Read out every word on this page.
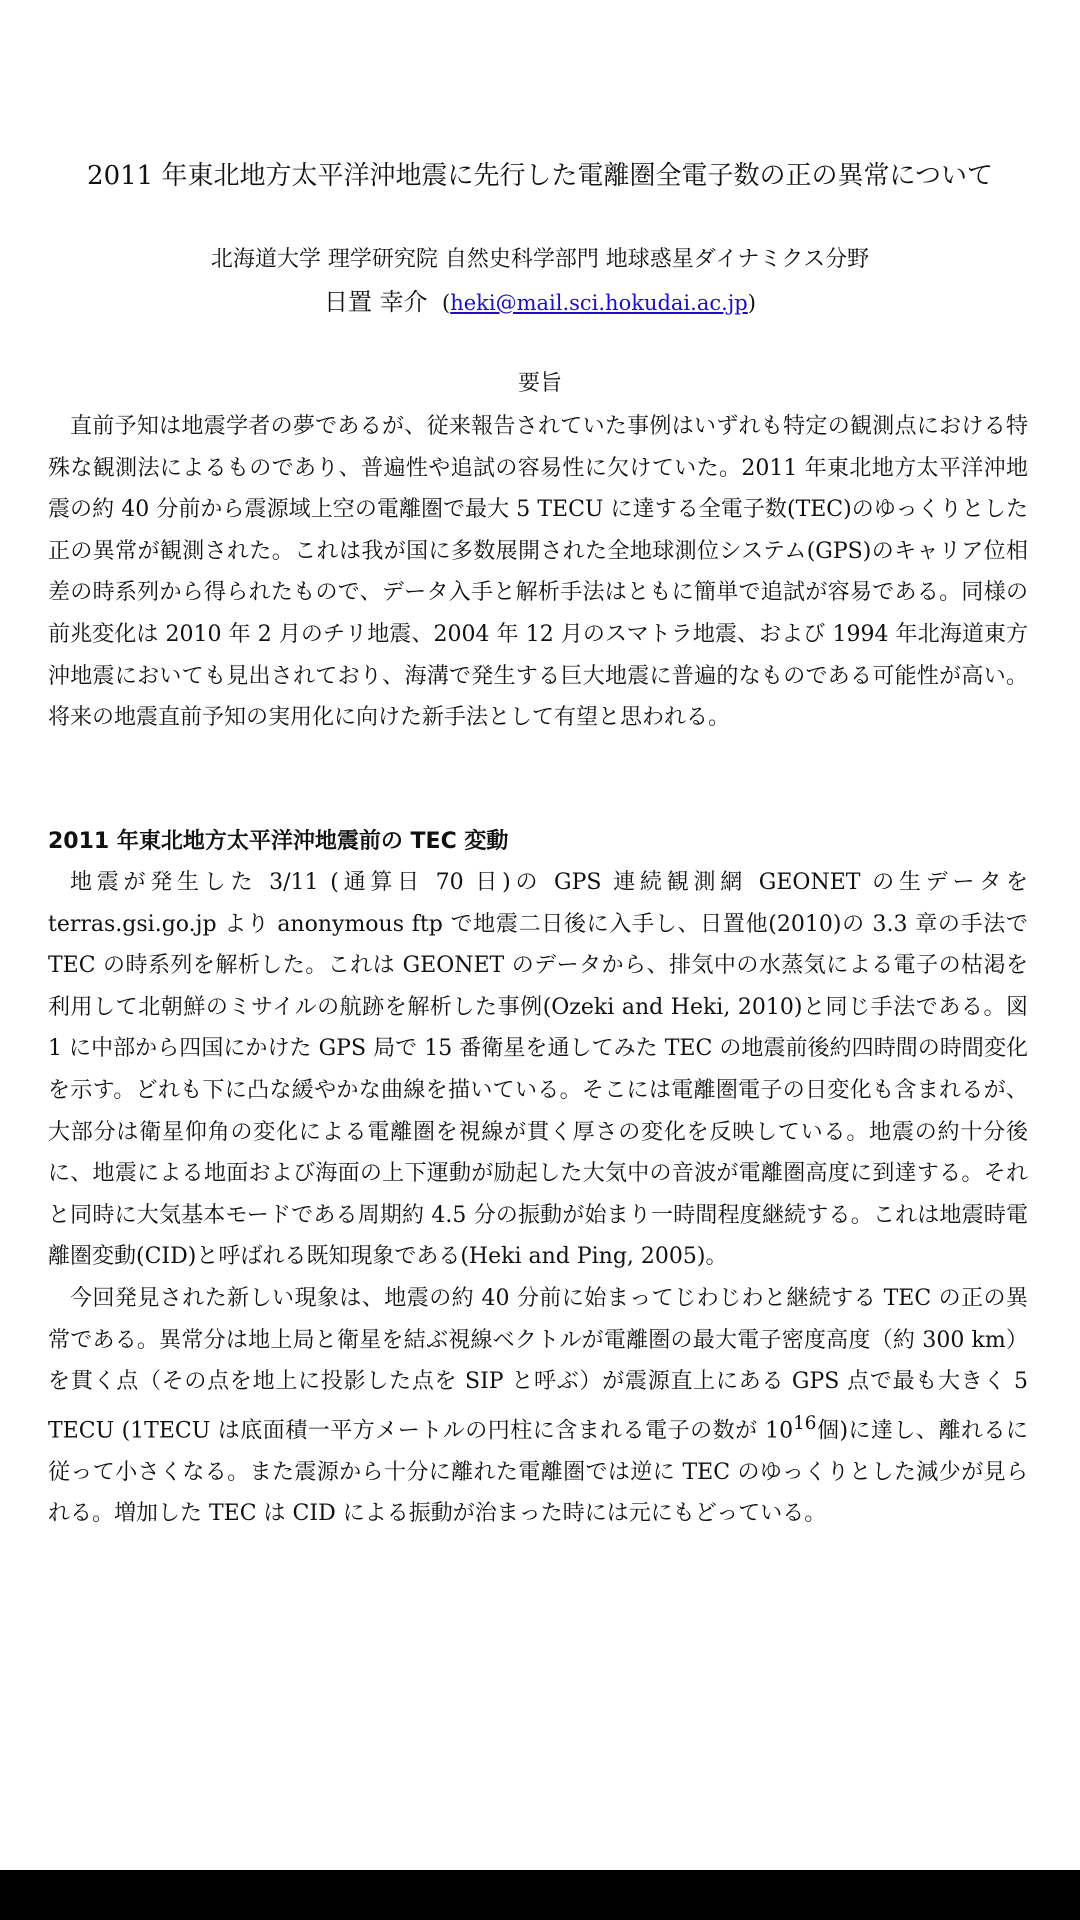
2011 年東北地方太平洋沖地震に先行した電離圏全電子数の正の異常について
北海道大学 理学研究院 自然史科学部門 地球惑星ダイナミクス分野
日置 幸介  (heki@mail.sci.hokudai.ac.jp)
要旨

直前予知は地震学者の夢であるが、従来報告されていた事例はいずれも特定の観測点における特殊な観測法によるものであり、普遍性や追試の容易性に欠けていた。2011 年東北地方太平洋沖地震の約 40 分前から震源域上空の電離圏で最大 5 TECU に達する全電子数(TEC)のゆっくりとした正の異常が観測された。これは我が国に多数展開された全地球測位システム(GPS)のキャリア位相差の時系列から得られたもので、データ入手と解析手法はともに簡単で追試が容易である。同様の前兆変化は 2010 年 2 月のチリ地震、2004 年 12 月のスマトラ地震、および 1994 年北海道東方沖地震においても見出されており、海溝で発生する巨大地震に普遍的なものである可能性が高い。将来の地震直前予知の実用化に向けた新手法として有望と思われる。

2011 年東北地方太平洋沖地震前の TEC 変動

地震が発生した 3/11 (通算日 70 日)の GPS 連続観測網 GEONET の生データを terras.gsi.go.jp より anonymous ftp で地震二日後に入手し、日置他(2010)の 3.3 章の手法で TEC の時系列を解析した。これは GEONET のデータから、排気中の水蒸気による電子の枯渇を利用して北朝鮮のミサイルの航跡を解析した事例(Ozeki and Heki, 2010)と同じ手法である。図 1 に中部から四国にかけた GPS 局で 15 番衛星を通してみた TEC の地震前後約四時間の時間変化を示す。どれも下に凸な緩やかな曲線を描いている。そこには電離圏電子の日変化も含まれるが、大部分は衛星仰角の変化による電離圏を視線が貫く厚さの変化を反映している。地震の約十分後に、地震による地面および海面の上下運動が励起した大気中の音波が電離圏高度に到達する。それと同時に大気基本モードである周期約 4.5 分の振動が始まり一時間程度継続する。これは地震時電離圏変動(CID)と呼ばれる既知現象である(Heki and Ping, 2005)。

今回発見された新しい現象は、地震の約 40 分前に始まってじわじわと継続する TEC の正の異常である。異常分は地上局と衛星を結ぶ視線ベクトルが電離圏の最大電子密度高度（約 300 km）を貫く点（その点を地上に投影した点を SIP と呼ぶ）が震源直上にある GPS 点で最も大きく 5 TECU (1TECU は底面積一平方メートルの円柱に含まれる電子の数が $10^{16}$個)に達し、離れるに従って小さくなる。また震源から十分に離れた電離圏では逆に TEC のゆっくりとした減少が見られる。増加した TEC は CID による振動が治まった時には元にもどっている。
